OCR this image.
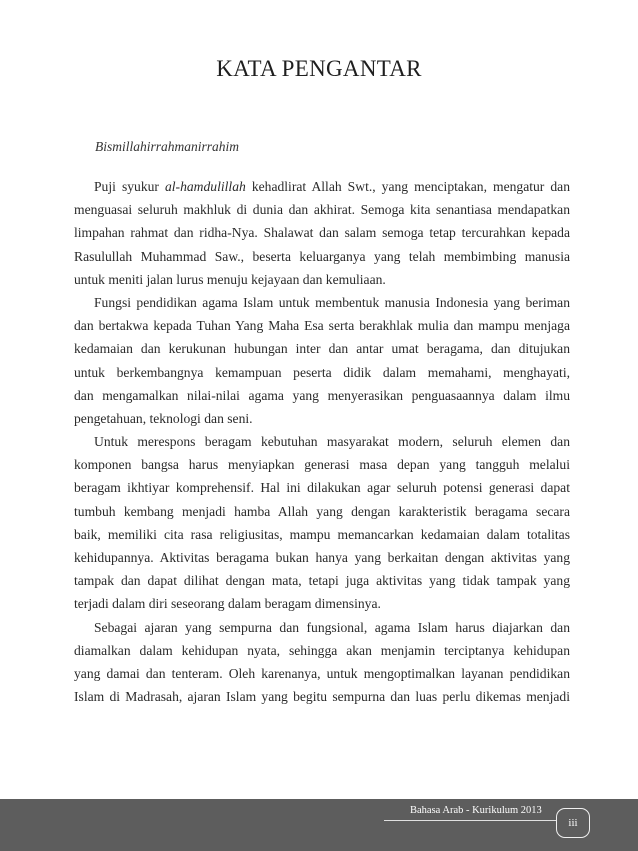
KATA PENGANTAR
Bismillahirrahmanirrahim
Puji syukur al-hamdulillah kehadlirat Allah Swt., yang menciptakan, mengatur dan
menguasai seluruh makhluk di dunia dan akhirat. Semoga kita senantiasa mendapatkan
limpahan rahmat dan ridha-Nya. Shalawat dan salam semoga tetap tercurahkan kepada
Rasulullah Muhammad Saw., beserta keluarganya yang telah membimbing manusia
untuk meniti jalan lurus menuju kejayaan dan kemuliaan.
Fungsi pendidikan agama Islam untuk membentuk manusia Indonesia yang beriman
dan bertakwa kepada Tuhan Yang Maha Esa serta berakhlak mulia dan mampu menjaga
kedamaian dan kerukunan hubungan inter dan antar umat beragama, dan ditujukan
untuk berkembangnya kemampuan peserta didik dalam memahami, menghayati,
dan mengamalkan nilai-nilai agama yang menyerasikan penguasaannya dalam ilmu
pengetahuan, teknologi dan seni.
Untuk merespons beragam kebutuhan masyarakat modern, seluruh elemen dan
komponen bangsa harus menyiapkan generasi masa depan yang tangguh melalui
beragam ikhtiyar komprehensif. Hal ini dilakukan agar seluruh potensi generasi dapat
tumbuh kembang menjadi hamba Allah yang dengan karakteristik beragama secara
baik, memiliki cita rasa religiusitas, mampu memancarkan kedamaian dalam totalitas
kehidupannya. Aktivitas beragama bukan hanya yang berkaitan dengan aktivitas yang
tampak dan dapat dilihat dengan mata, tetapi juga aktivitas yang tidak tampak yang
terjadi dalam diri seseorang dalam beragam dimensinya.
Sebagai ajaran yang sempurna dan fungsional, agama Islam harus diajarkan dan
diamalkan dalam kehidupan nyata, sehingga akan menjamin terciptanya kehidupan
yang damai dan tenteram. Oleh karenanya, untuk mengoptimalkan layanan pendidikan
Islam di Madrasah, ajaran Islam yang begitu sempurna dan luas perlu dikemas menjadi
Bahasa Arab - Kurikulum 2013
iii
